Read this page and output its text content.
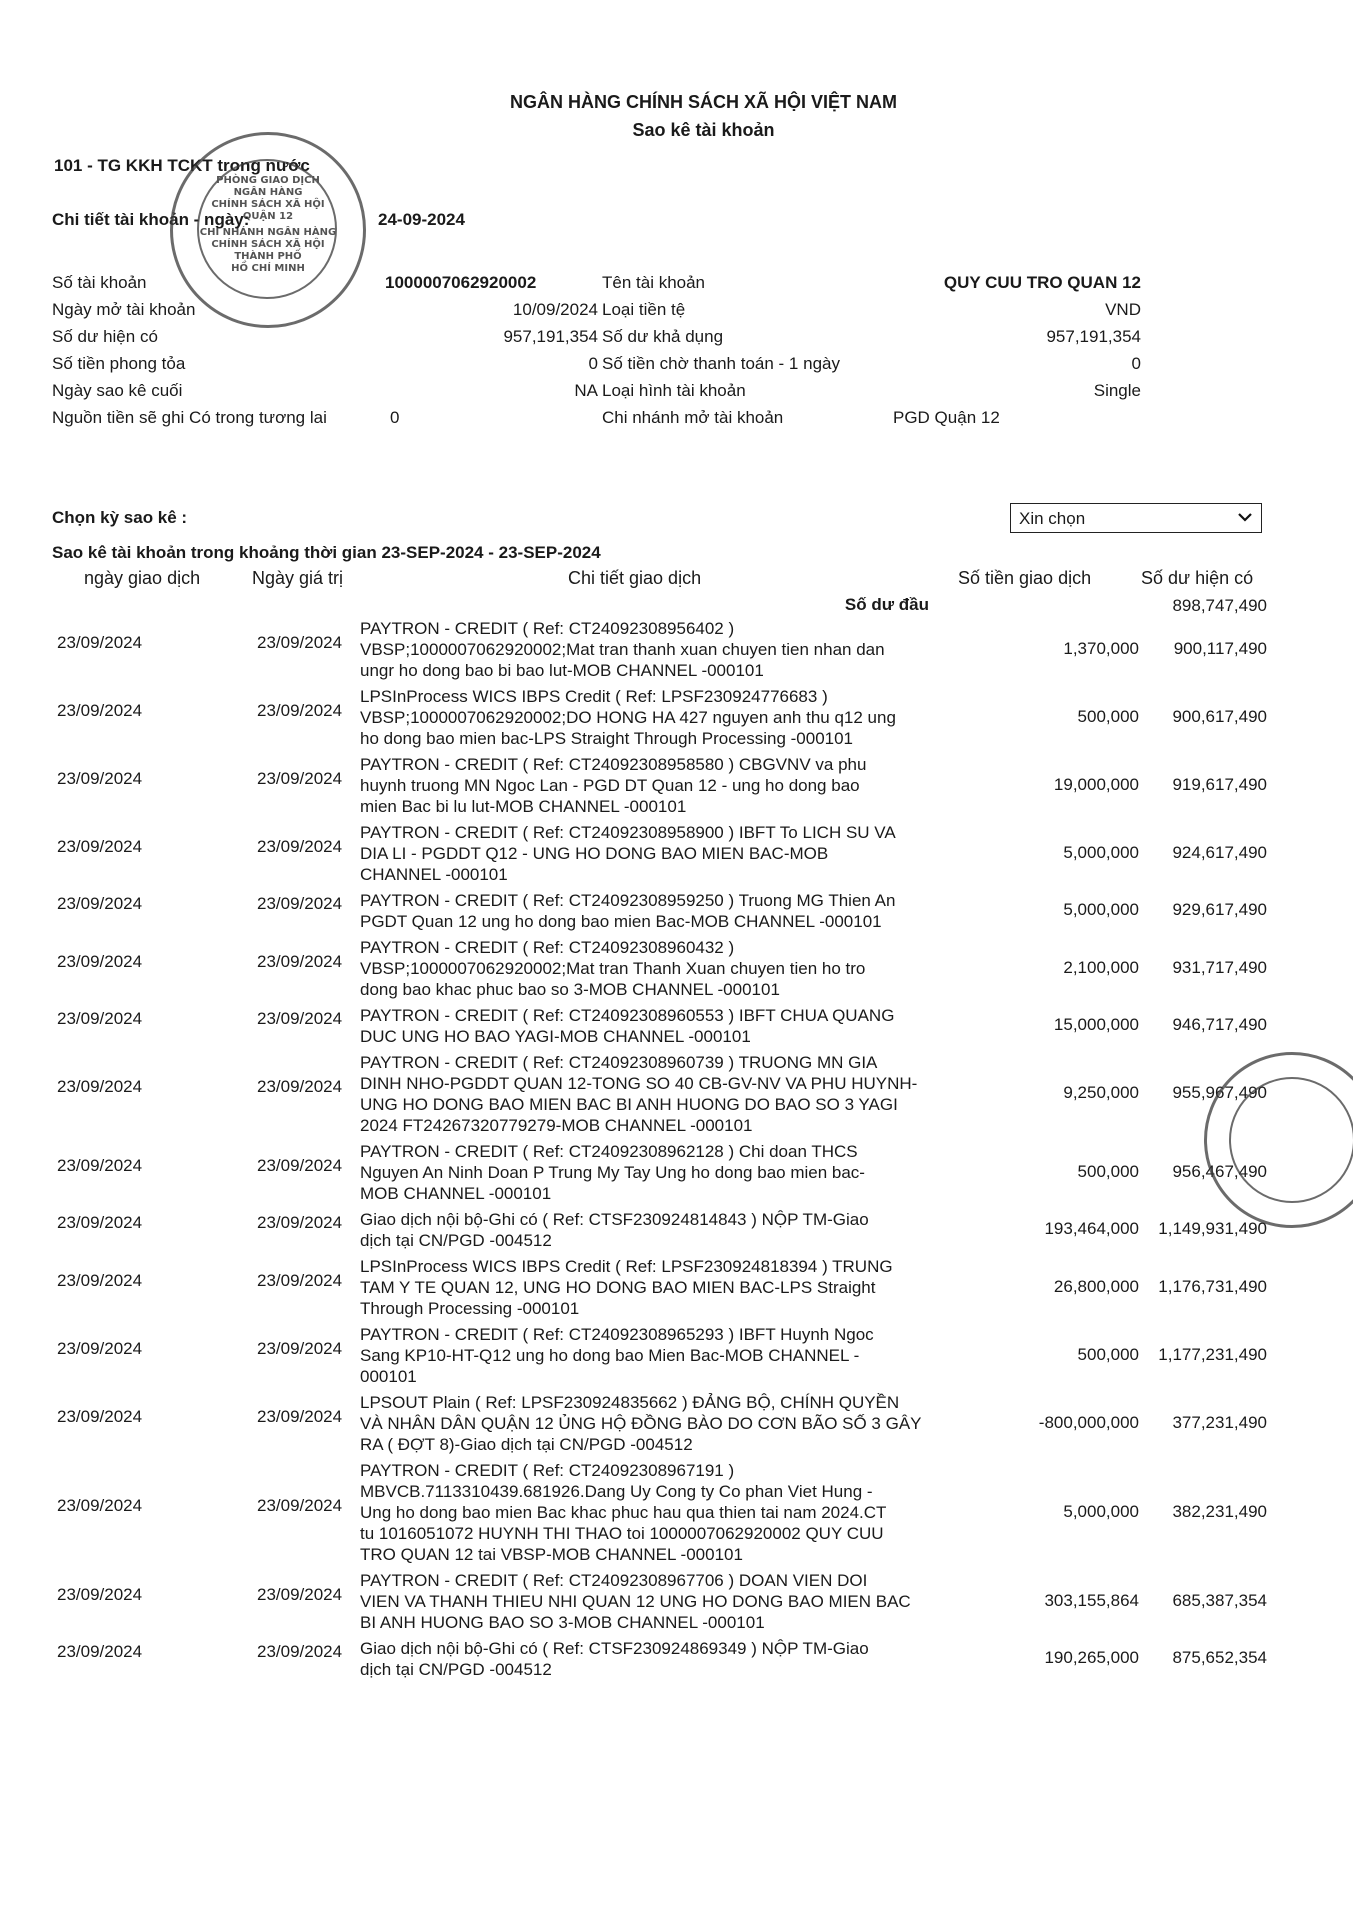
NGÂN HÀNG CHÍNH SÁCH XÃ HỘI VIỆT NAM
Sao kê tài khoản
101 - TG KKH TCKT trong nước
Chi tiết tài khoản - ngày:	24-09-2024
PHÒNG GIAO DỊCH
NGÂN HÀNG
CHÍNH SÁCH XÃ HỘI
QUẬN 12
CHI NHÁNH NGÂN HÀNG
CHÍNH SÁCH XÃ HỘI
THÀNH PHỐ
HỒ CHÍ MINH
Số tài khoản	1000007062920002	Tên tài khoản	QUY CUU TRO QUAN 12
Ngày mở tài khoản	10/09/2024 Loại tiền tệ	VND
Số dư hiện có	957,191,354 Số dư khả dụng	957,191,354
Số tiền phong tỏa	0 Số tiền chờ thanh toán - 1 ngày	0
Ngày sao kê cuối	NA Loại hình tài khoản	Single
Nguồn tiền sẽ ghi Có trong tương lai	0	Chi nhánh mở tài khoản	PGD Quận 12
Chọn kỳ sao kê :	Xin chọn
Sao kê tài khoản trong khoảng thời gian 23-SEP-2024 - 23-SEP-2024
ngày giao dịch	Ngày giá trị	Chi tiết giao dịch	Số tiền giao dịch	Số dư hiện có
Số dư đầu	898,747,490
23/09/2024	23/09/2024
PAYTRON - CREDIT ( Ref: CT24092308956402 )
VBSP;1000007062920002;Mat tran thanh xuan chuyen tien nhan dan
ungr ho dong bao bi bao lut-MOB CHANNEL -000101
1,370,000 900,117,490
23/09/2024	23/09/2024
LPSInProcess WICS IBPS Credit ( Ref: LPSF230924776683 )
VBSP;1000007062920002;DO HONG HA 427 nguyen anh thu q12 ung
ho dong bao mien bac-LPS Straight Through Processing -000101
500,000 900,617,490
23/09/2024	23/09/2024
PAYTRON - CREDIT ( Ref: CT24092308958580 ) CBGVNV va phu
huynh truong MN Ngoc Lan - PGD DT Quan 12 - ung ho dong bao
mien Bac bi lu lut-MOB CHANNEL -000101
19,000,000 919,617,490
23/09/2024	23/09/2024
PAYTRON - CREDIT ( Ref: CT24092308958900 ) IBFT To LICH SU VA
DIA LI - PGDDT Q12 - UNG HO DONG BAO MIEN BAC-MOB
CHANNEL -000101
5,000,000 924,617,490
23/09/2024	23/09/2024 PAYTRON - CREDIT ( Ref: CT24092308959250 ) Truong MG Thien An
PGDT Quan 12 ung ho dong bao mien Bac-MOB CHANNEL -000101
5,000,000 929,617,490
23/09/2024	23/09/2024
PAYTRON - CREDIT ( Ref: CT24092308960432 )
VBSP;1000007062920002;Mat tran Thanh Xuan chuyen tien ho tro
dong bao khac phuc bao so 3-MOB CHANNEL -000101
2,100,000 931,717,490
23/09/2024	23/09/2024 PAYTRON - CREDIT ( Ref: CT24092308960553 ) IBFT CHUA QUANG
DUC UNG HO BAO YAGI-MOB CHANNEL -000101
15,000,000 946,717,490
23/09/2024	23/09/2024
PAYTRON - CREDIT ( Ref: CT24092308960739 ) TRUONG MN GIA
DINH NHO-PGDDT QUAN 12-TONG SO 40 CB-GV-NV VA PHU HUYNH-
UNG HO DONG BAO MIEN BAC BI ANH HUONG DO BAO SO 3 YAGI
2024 FT24267320779279-MOB CHANNEL -000101
9,250,000 955,967,490
23/09/2024	23/09/2024
PAYTRON - CREDIT ( Ref: CT24092308962128 ) Chi doan THCS
Nguyen An Ninh Doan P Trung My Tay Ung ho dong bao mien bac-
MOB CHANNEL -000101
500,000 956,467,490
23/09/2024	23/09/2024 Giao dịch nội bộ-Ghi có ( Ref: CTSF230924814843 ) NỘP TM-Giao
dịch tại CN/PGD -004512
193,464,000 1,149,931,490
23/09/2024	23/09/2024
LPSInProcess WICS IBPS Credit ( Ref: LPSF230924818394 ) TRUNG
TAM Y TE QUAN 12, UNG HO DONG BAO MIEN BAC-LPS Straight
Through Processing -000101
26,800,000 1,176,731,490
23/09/2024	23/09/2024
PAYTRON - CREDIT ( Ref: CT24092308965293 ) IBFT Huynh Ngoc
Sang KP10-HT-Q12 ung ho dong bao Mien Bac-MOB CHANNEL -
000101
500,000 1,177,231,490
23/09/2024	23/09/2024
LPSOUT Plain ( Ref: LPSF230924835662 ) ĐẢNG BỘ, CHÍNH QUYỀN
VÀ NHÂN DÂN QUẬN 12 ỦNG HỘ ĐỒNG BÀO DO CƠN BÃO SỐ 3 GÂY
RA ( ĐỢT 8)-Giao dịch tại CN/PGD -004512
-800,000,000 377,231,490
23/09/2024	23/09/2024
PAYTRON - CREDIT ( Ref: CT24092308967191 )
MBVCB.7113310439.681926.Dang Uy Cong ty Co phan Viet Hung -
Ung ho dong bao mien Bac khac phuc hau qua thien tai nam 2024.CT
tu 1016051072 HUYNH THI THAO toi 1000007062920002 QUY CUU
TRO QUAN 12 tai VBSP-MOB CHANNEL -000101
5,000,000 382,231,490
23/09/2024	23/09/2024
PAYTRON - CREDIT ( Ref: CT24092308967706 ) DOAN VIEN DOI
VIEN VA THANH THIEU NHI QUAN 12 UNG HO DONG BAO MIEN BAC
BI ANH HUONG BAO SO 3-MOB CHANNEL -000101
303,155,864 685,387,354
23/09/2024	23/09/2024 Giao dịch nội bộ-Ghi có ( Ref: CTSF230924869349 ) NỘP TM-Giao
dịch tại CN/PGD -004512
190,265,000 875,652,354
